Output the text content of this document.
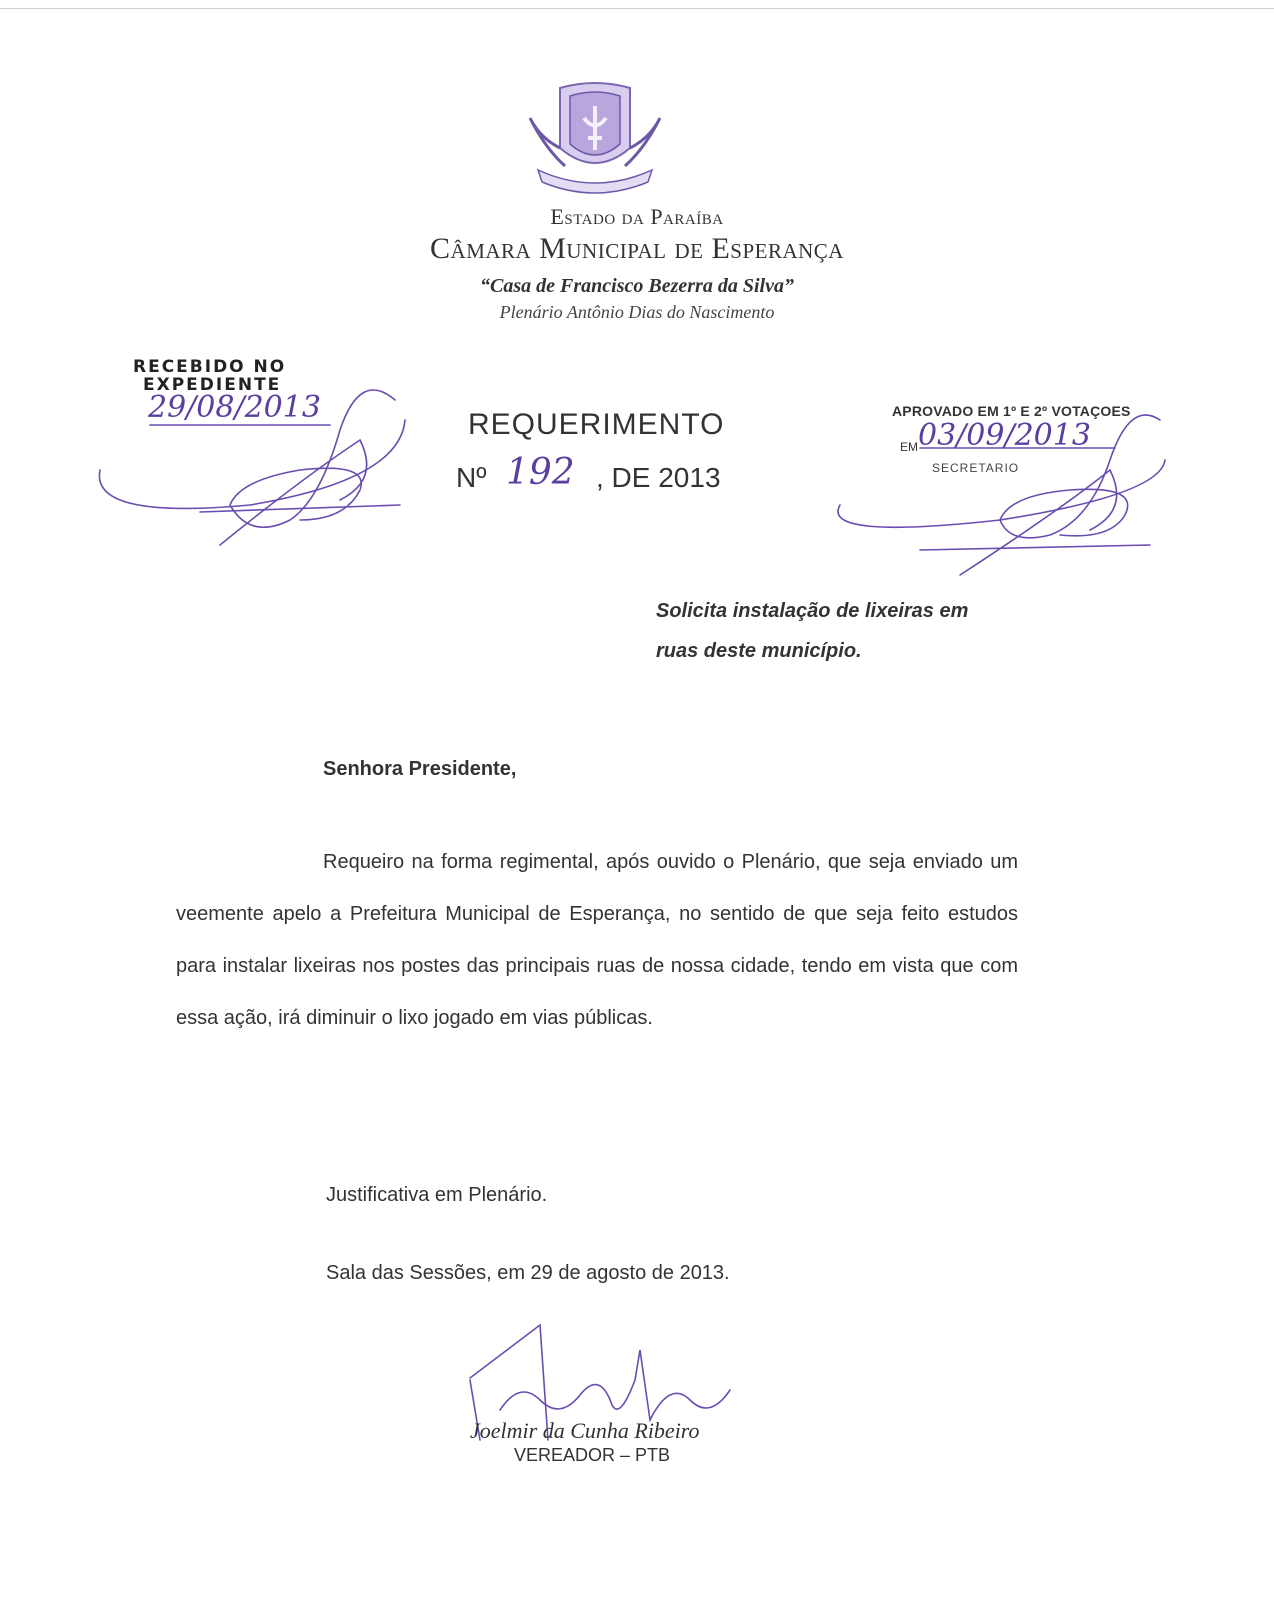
Estado da Paraíba
Câmara Municipal de Esperança
“Casa de Francisco Bezerra da Silva”
Plenário Antônio Dias do Nascimento
RECEBIDO NO
EXPEDIENTE
29/08/2013	REQUERIMENTO
Nº 192 , DE 2013
APROVADO EM 1º E 2º VOTAÇOES
EM 03/09/2013
SECRETARIO
Solicita instalação de lixeiras em
ruas deste município.
Senhora Presidente,
Requeiro na forma regimental, após ouvido o Plenário, que seja enviado um veemente apelo a Prefeitura Municipal de Esperança, no sentido de que seja feito estudos para instalar lixeiras nos postes das principais ruas de nossa cidade, tendo em vista que com essa ação, irá diminuir o lixo jogado em vias públicas.
Justificativa em Plenário.
Sala das Sessões, em 29 de agosto de 2013.
Joelmir da Cunha Ribeiro
VEREADOR – PTB
